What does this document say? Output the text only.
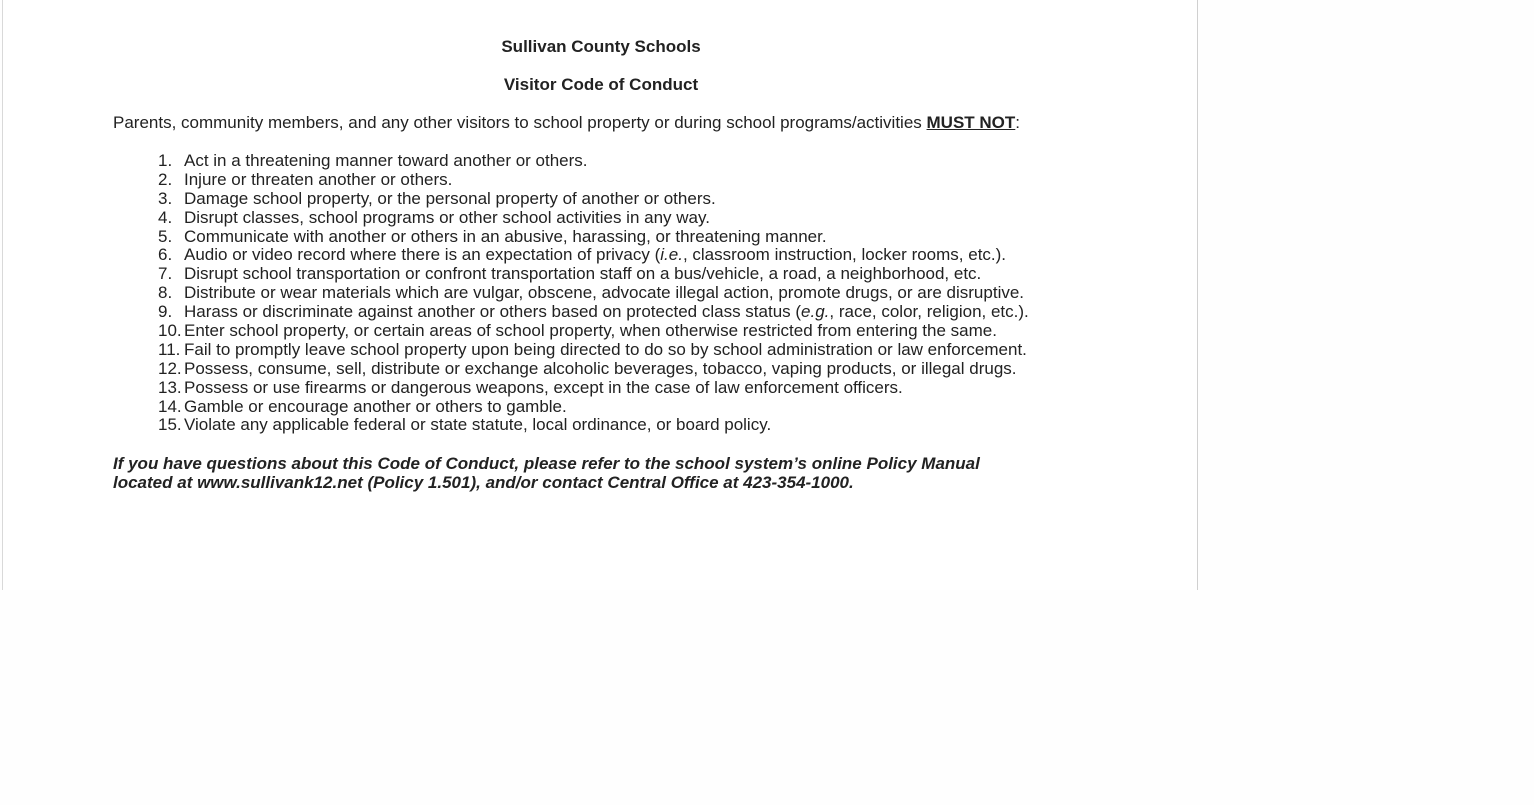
Sullivan County Schools
Visitor Code of Conduct
Parents, community members, and any other visitors to school property or during school programs/activities MUST NOT:
1. Act in a threatening manner toward another or others.
2. Injure or threaten another or others.
3. Damage school property, or the personal property of another or others.
4. Disrupt classes, school programs or other school activities in any way.
5. Communicate with another or others in an abusive, harassing, or threatening manner.
6. Audio or video record where there is an expectation of privacy (i.e., classroom instruction, locker rooms, etc.).
7. Disrupt school transportation or confront transportation staff on a bus/vehicle, a road, a neighborhood, etc.
8. Distribute or wear materials which are vulgar, obscene, advocate illegal action, promote drugs, or are disruptive.
9. Harass or discriminate against another or others based on protected class status (e.g., race, color, religion, etc.).
10. Enter school property, or certain areas of school property, when otherwise restricted from entering the same.
11. Fail to promptly leave school property upon being directed to do so by school administration or law enforcement.
12. Possess, consume, sell, distribute or exchange alcoholic beverages, tobacco, vaping products, or illegal drugs.
13. Possess or use firearms or dangerous weapons, except in the case of law enforcement officers.
14. Gamble or encourage another or others to gamble.
15. Violate any applicable federal or state statute, local ordinance, or board policy.
If you have questions about this Code of Conduct, please refer to the school system’s online Policy Manual
located at www.sullivank12.net (Policy 1.501), and/or contact Central Office at 423-354-1000.
